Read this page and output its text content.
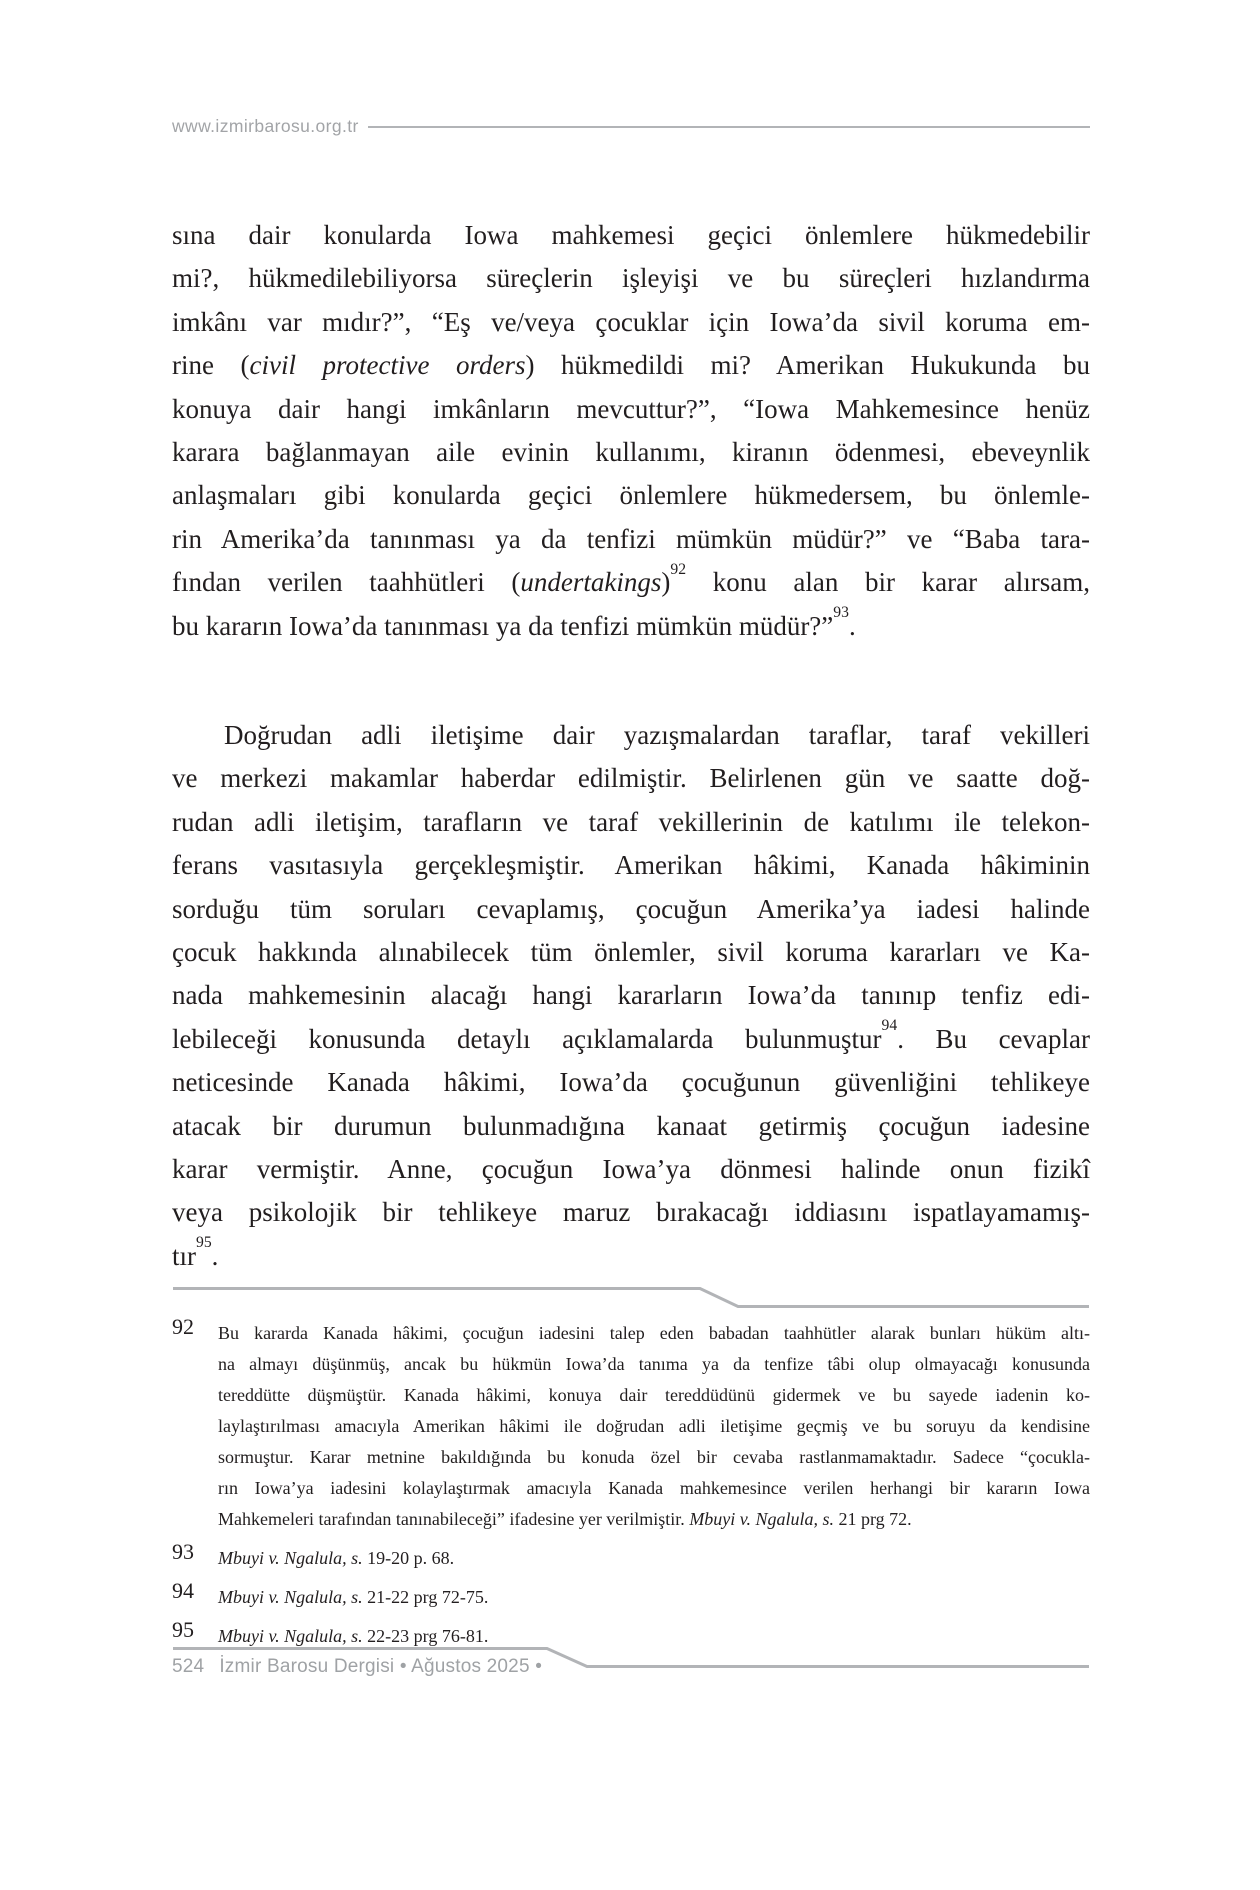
www.izmirbarosu.org.tr
sına dair konularda Iowa mahkemesi geçici önlemlere hükmedebilir
mi?, hükmedilebiliyorsa süreçlerin işleyişi ve bu süreçleri hızlandırma
imkânı var mıdır?”, “Eş ve/veya çocuklar için Iowa’da sivil koruma em-
rine (civil protective orders) hükmedildi mi? Amerikan Hukukunda bu
konuya dair hangi imkânların mevcuttur?”, “Iowa Mahkemesince henüz
karara bağlanmayan aile evinin kullanımı, kiranın ödenmesi, ebeveynlik
anlaşmaları gibi konularda geçici önlemlere hükmedersem, bu önlemle-
rin Amerika’da tanınması ya da tenfizi mümkün müdür?” ve “Baba tara-
fından verilen taahhütleri (undertakings)$^{92}$ konu alan bir karar alırsam,
bu kararın Iowa’da tanınması ya da tenfizi mümkün müdür?”$^{93}$.
Doğrudan adli iletişime dair yazışmalardan taraflar, taraf vekilleri
ve merkezi makamlar haberdar edilmiştir. Belirlenen gün ve saatte doğ-
rudan adli iletişim, tarafların ve taraf vekillerinin de katılımı ile telekon-
ferans vasıtasıyla gerçekleşmiştir. Amerikan hâkimi, Kanada hâkiminin
sorduğu tüm soruları cevaplamış, çocuğun Amerika’ya iadesi halinde
çocuk hakkında alınabilecek tüm önlemler, sivil koruma kararları ve Ka-
nada mahkemesinin alacağı hangi kararların Iowa’da tanınıp tenfiz edi-
lebileceği konusunda detaylı açıklamalarda bulunmuştur$^{94}$. Bu cevaplar
neticesinde Kanada hâkimi, Iowa’da çocuğunun güvenliğini tehlikeye
atacak bir durumun bulunmadığına kanaat getirmiş çocuğun iadesine
karar vermiştir. Anne, çocuğun Iowa’ya dönmesi halinde onun fizikî
veya psikolojik bir tehlikeye maruz bırakacağı iddiasını ispatlayamamış-
tır$^{95}$.
92	Bu kararda Kanada hâkimi, çocuğun iadesini talep eden babadan taahhütler alarak bunları hüküm altı-
na almayı düşünmüş, ancak bu hükmün Iowa’da tanıma ya da tenfize tâbi olup olmayacağı konusunda
tereddütte düşmüştür. Kanada hâkimi, konuya dair tereddüdünü gidermek ve bu sayede iadenin ko-
laylaştırılması amacıyla Amerikan hâkimi ile doğrudan adli iletişime geçmiş ve bu soruyu da kendisine
sormuştur. Karar metnine bakıldığında bu konuda özel bir cevaba rastlanmamaktadır. Sadece “çocukla-
rın Iowa’ya iadesini kolaylaştırmak amacıyla Kanada mahkemesince verilen herhangi bir kararın Iowa
Mahkemeleri tarafından tanınabileceği” ifadesine yer verilmiştir. Mbuyi v. Ngalula, s. 21 prg 72.
93	Mbuyi v. Ngalula, s. 19-20 p. 68.
94	Mbuyi v. Ngalula, s. 21-22 prg 72-75.
95	Mbuyi v. Ngalula, s. 22-23 prg 76-81.
524 İzmir Barosu Dergisi • Ağustos 2025 •
